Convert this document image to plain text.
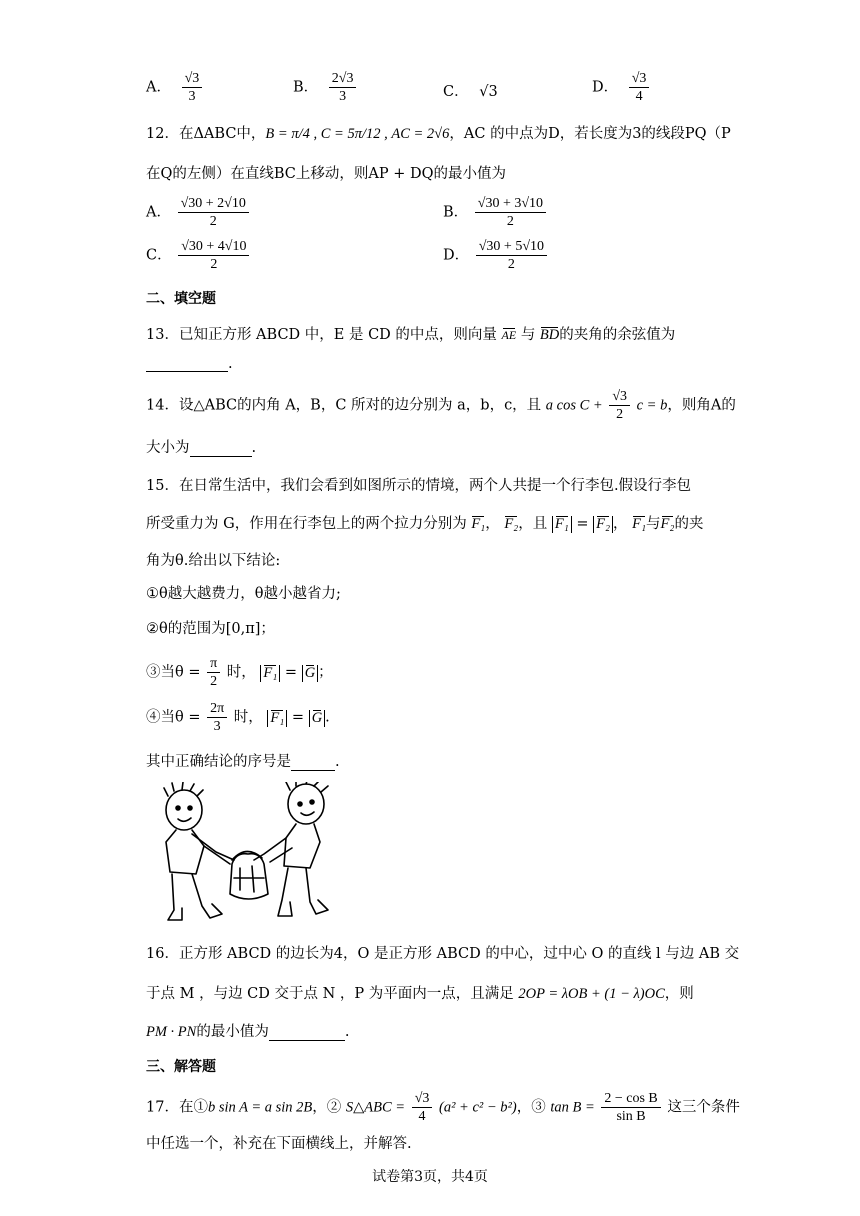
A． $\frac{√3}{3}$	B． $\frac{2√3}{3}$	C． √3	D． $\frac{√3}{4}$
12．在ΔABC中，B = π/4 , C = 5π/12 , AC = 2√6，AC 的中点为D，若长度为3的线段PQ（P
在Q的左侧）在直线BC上移动，则AP + DQ的最小值为
A． $\frac{√30 + 2√10}{2}$	B． $\frac{√30 + 3√10}{2}$
C． $\frac{√30 + 4√10}{2}$	D． $\frac{√30 + 5√10}{2}$
二、填空题
13．已知正方形 ABCD 中，E 是 CD 的中点，则向量 AE 与 BD的夹角的余弦值为
.
14．设△ABC的内角 A，B，C 所对的边分别为 a，b，c，且 a $\cos C + \frac{√3}{2}$ c = b，则角A的
大小为	.
15．在日常生活中，我们会看到如图所示的情境，两个人共提一个行李包.假设行李包
所受重力为 G，作用在行李包上的两个拉力分别为 F₁， F₂，且 F₁ = F₂ ， F₁与F₂的夹
角为θ.给出以下结论:
①θ越大越费力，θ越小越省力;
②θ的范围为[0,π]；
③当$\theta = \frac{\pi}{2}$ 时， F₁ = G ；
④当$\theta = \frac{2\pi}{3}$ 时， F₁ = G .
其中正确结论的序号是	.
16．正方形 ABCD 的边长为4，O 是正方形 ABCD 的中心，过中心 O 的直线 l 与边 AB 交
于点 M ，与边 CD 交于点 N ，P 为平面内一点，且满足 2OP = λOB + (1 − λ)OC，则
PM · PN的最小值为	.
三、解答题
17．在①b sin A = a sin 2B，② S△ABC = $\frac{√3}{4} (a^2 + c^2 - b^2)$，③ $\tan B = \frac{\text{2 − cos B}}{\text{sin B}}$ 这三个条件
中任选一个，补充在下面横线上，并解答.
试卷第3页，共4页
